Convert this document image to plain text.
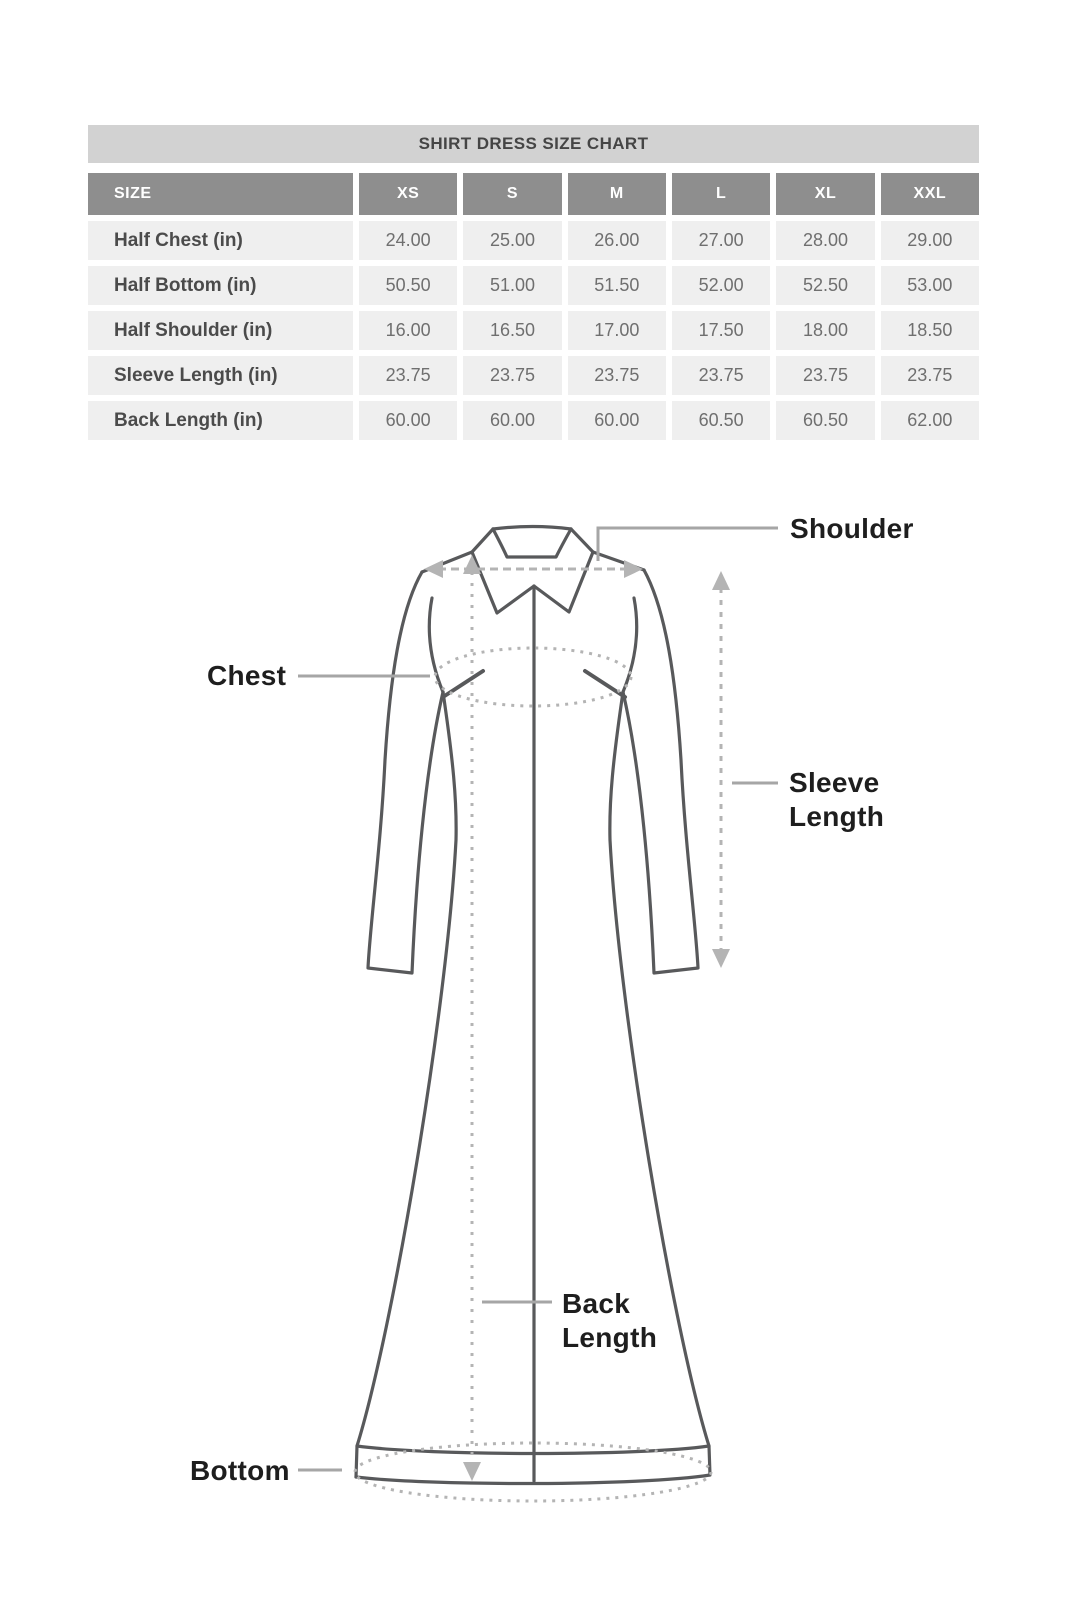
SHIRT DRESS SIZE CHART
SIZE	XS	S	M	L	XL	XXL
Half Chest (in)	24.00	25.00	26.00	27.00	28.00	29.00
Half Bottom (in)	50.50	51.00	51.50	52.00	52.50	53.00
Half Shoulder (in)	16.00	16.50	17.00	17.50	18.00	18.50
Sleeve Length (in)	23.75	23.75	23.75	23.75	23.75	23.75
Back Length (in)	60.00	60.00	60.00	60.50	60.50	62.00
Shoulder
Chest
Sleeve
Length
Back
Length
Bottom
